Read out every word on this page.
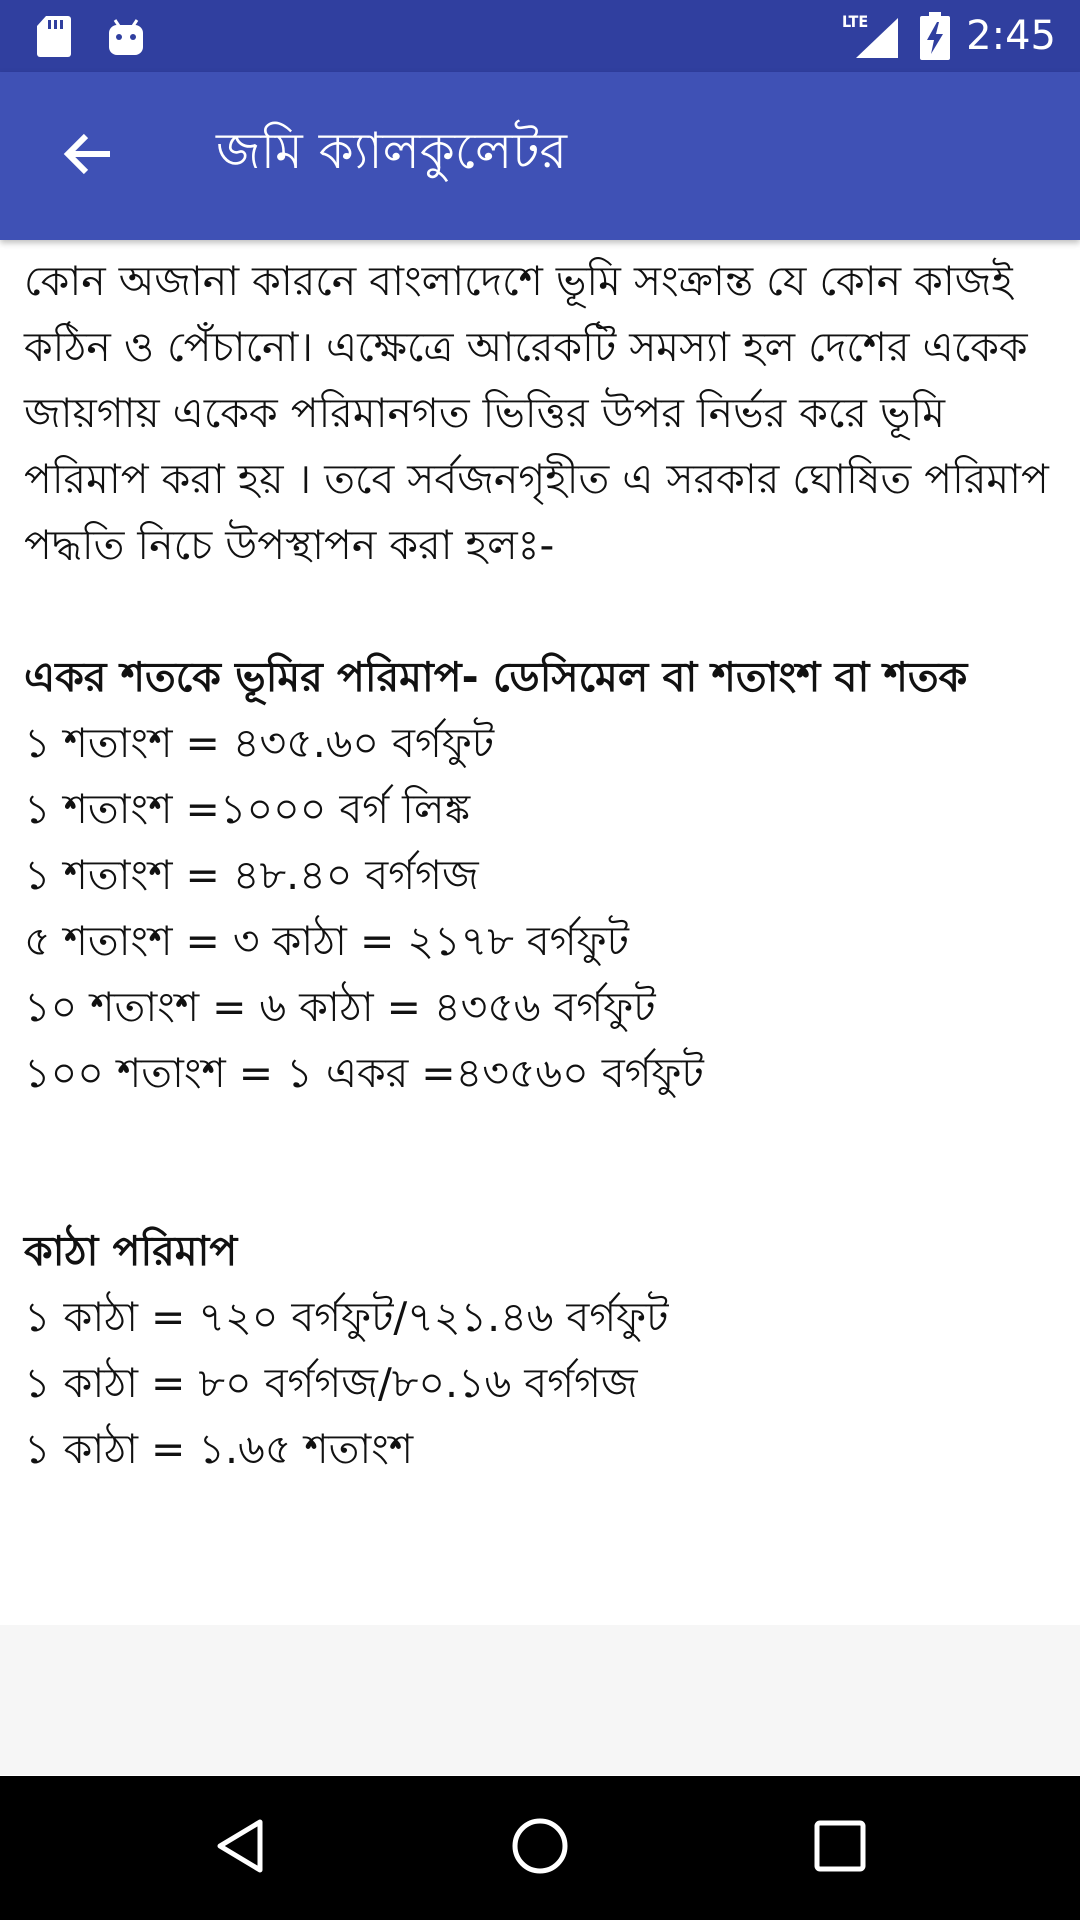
LTE 2:45
জমি ক্যালকুলেটর

কোন অজানা কারনে বাংলাদেশে ভূমি সংক্রান্ত যে কোন কাজই কঠিন ও পেঁচানো। এক্ষেত্রে আরেকটি সমস্যা হল দেশের একেক জায়গায় একেক পরিমানগত ভিত্তির উপর নির্ভর করে ভূমি পরিমাপ করা হয় । তবে সর্বজনগৃহীত এ সরকার ঘোষিত পরিমাপ পদ্ধতি নিচে উপস্থাপন করা হলঃ-

একর শতকে ভূমির পরিমাপ- ডেসিমেল বা শতাংশ বা শতক

১ শতাংশ = ৪৩৫.৬০ বর্গফুট

১ শতাংশ =১০০০ বর্গ লিঙ্ক

১ শতাংশ = ৪৮.৪০ বর্গগজ

৫ শতাংশ = ৩ কাঠা = ২১৭৮ বর্গফুট

১০ শতাংশ = ৬ কাঠা = ৪৩৫৬ বর্গফুট

১০০ শতাংশ = ১ একর =৪৩৫৬০ বর্গফুট

কাঠা পরিমাপ

১ কাঠা = ৭২০ বর্গফুট/৭২১.৪৬ বর্গফুট

১ কাঠা = ৮০ বর্গগজ/৮০.১৬ বর্গগজ

১ কাঠা = ১.৬৫ শতাংশ
